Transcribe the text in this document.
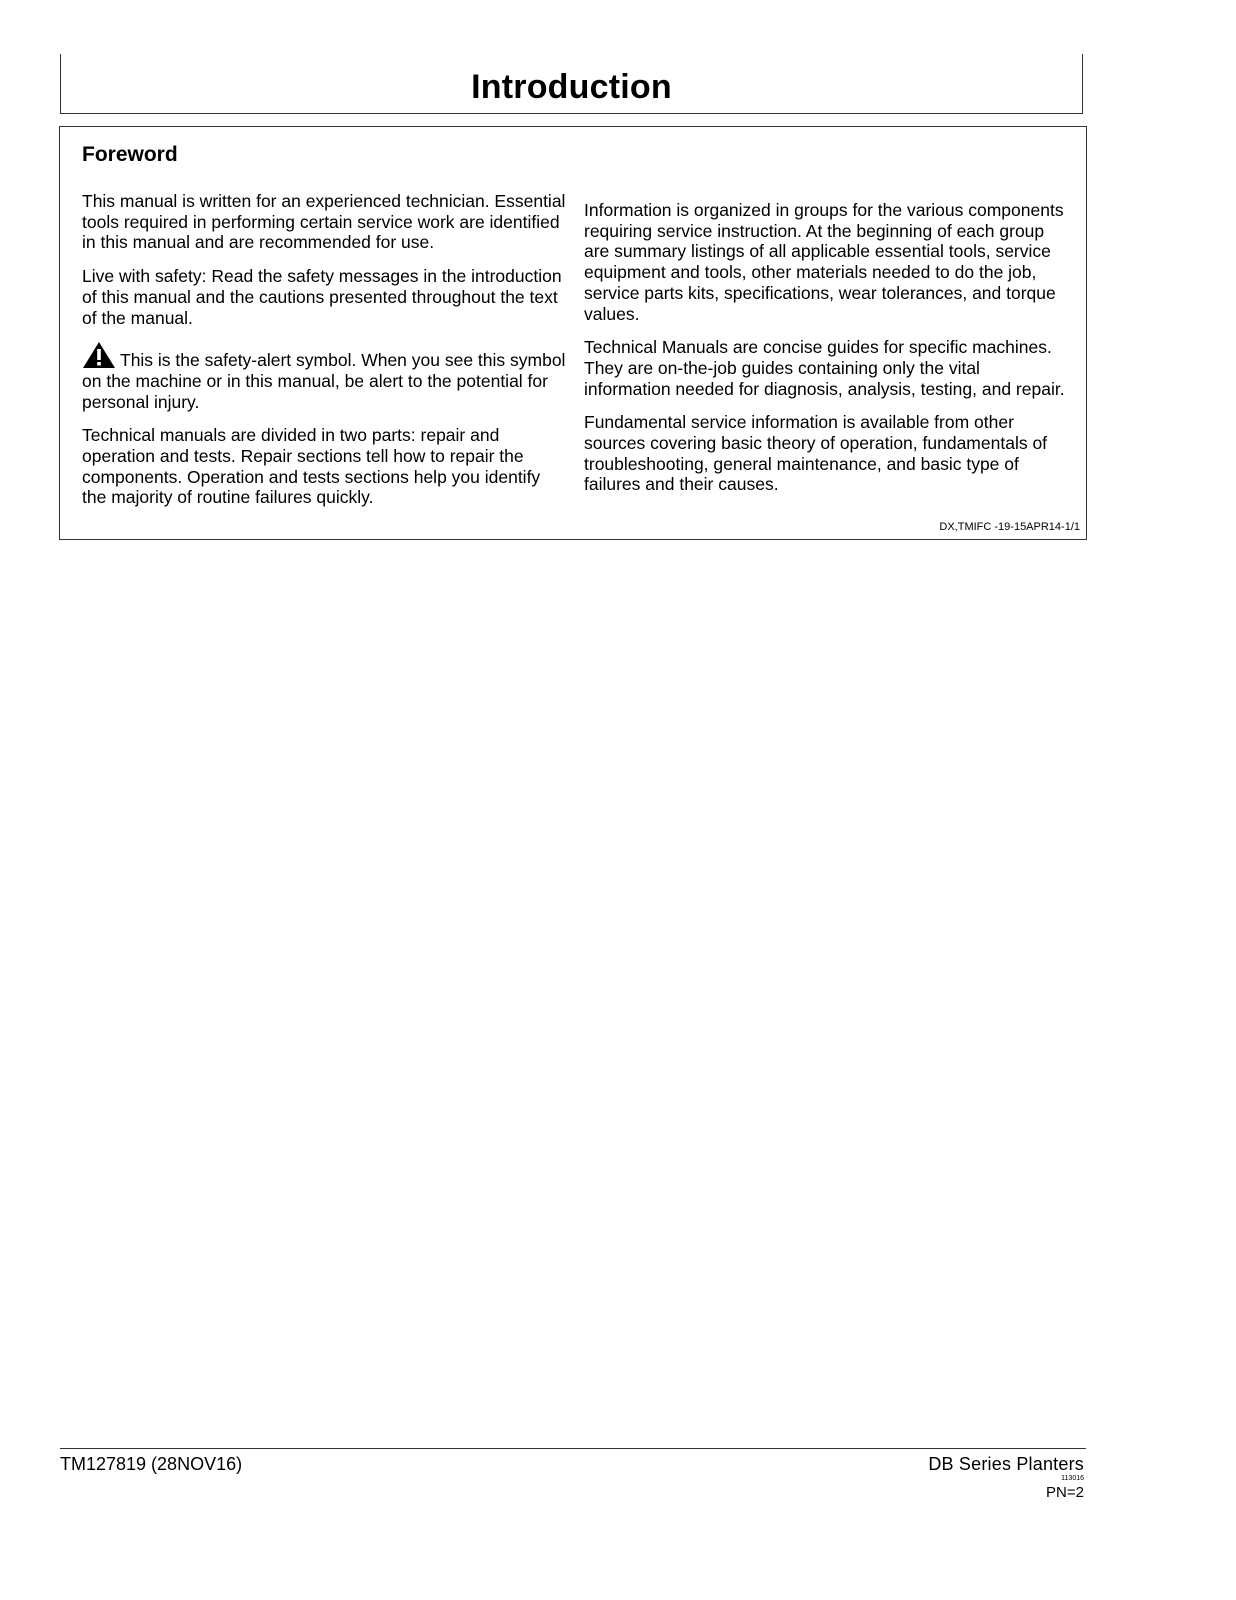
Introduction
Foreword

This manual is written for an experienced technician. Essential tools required in performing certain service work are identified in this manual and are recommended for use.

Live with safety: Read the safety messages in the introduction of this manual and the cautions presented throughout the text of the manual.

This is the safety-alert symbol. When you see this symbol on the machine or in this manual, be alert to the potential for personal injury.

Technical manuals are divided in two parts: repair and operation and tests. Repair sections tell how to repair the components. Operation and tests sections help you identify the majority of routine failures quickly.

Information is organized in groups for the various components requiring service instruction. At the beginning of each group are summary listings of all applicable essential tools, service equipment and tools, other materials needed to do the job, service parts kits, specifications, wear tolerances, and torque values.

Technical Manuals are concise guides for specific machines. They are on-the-job guides containing only the vital information needed for diagnosis, analysis, testing, and repair.

Fundamental service information is available from other sources covering basic theory of operation, fundamentals of troubleshooting, general maintenance, and basic type of failures and their causes.

DX,TMIFC -19-15APR14-1/1
TM127819 (28NOV16)	DB Series Planters
113016
PN=2
